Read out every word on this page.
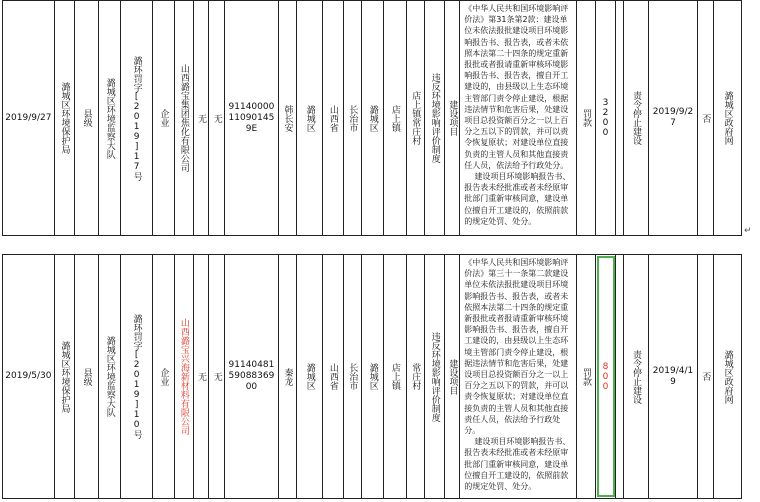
2019/9/27 潞城区环境保护局 县级 潞城区环境监察大队 潞环罚字[2019]17号 企业 山西潞宝集团焦化有限公司 无 无
91140000110901459E	韩长安 潞城区 山西省 长治市 潞城区 店上镇 店上镇常庄村 违反环境影响评价制度 建设项目
《中华人民共和国环境影响评价法》第31条第2款：建设单位未依法报批建设项目环境影响报告书、报告表，或者未依照本法第二十四条的规定重新报批或者报请重新审核环境影响报告书、报告表，擅自开工建设的，由县级以上生态环境主管部门责令停止建设，根据违法情节和危害后果，处建设项目总投资额百分之一以上百分之五以下的罚款，并可以责令恢复原状；对建设单位直接负责的主管人员和其他直接责任人员，依法给予行政处分。
建设项目环境影响报告书、报告表未经批准或者未经原审批部门重新审核同意，建设单位擅自开工建设的，依照前款的规定处罚、处分。
罚款 3200 责令停止建设	2019/9/27	否 潞城区政府网
↵
2019/5/30 潞城区环境保护局 县级 潞城区环境监察大队 潞环罚字[2019]10号 企业 山西潞宝兴海新材料有限公司 无 无
911404815908836900
秦龙 潞城区 山西省 长治市 潞城区 店上镇 常庄村 违反环境影响评价制度 建设项目
《中华人民共和国环境影响评价法》第三十一条第二款建设单位未依法报批建设项目环境影响报告书、报告表，或者未依照本法第二十四条的规定重新报批或者报请重新审核环境影响报告书、报告表，擅自开工建设的，由县级以上生态环境主管部门责令停止建设，根据违法情节和危害后果，处建设项目总投资额百分之一以上百分之五以下的罚款，并可以责令恢复原状；对建设单位直接负责的主管人员和其他直接责任人员，依法给予行政处分。
建设项目环境影响报告书、报告表未经批准或者未经原审批部门重新审核同意，建设单位擅自开工建设的，依照前款的规定处罚、处分。
罚款 800 责令停止建设	2019/4/19	否 潞城区政府网
